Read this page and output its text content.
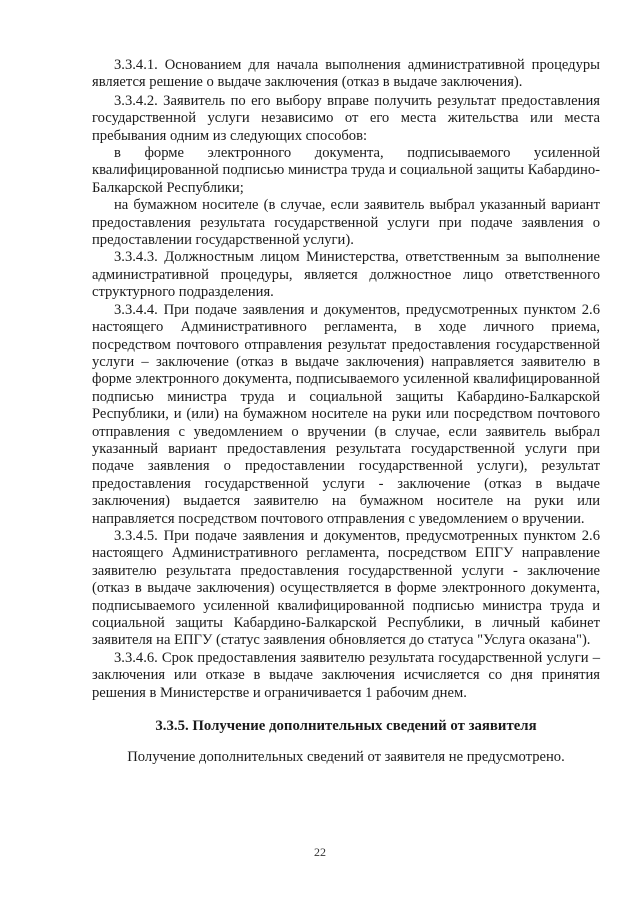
3.3.4.1. Основанием для начала выполнения административной процедуры является решение о выдаче заключения (отказ в выдаче заключения).

3.3.4.2. Заявитель по его выбору вправе получить результат предоставления государственной услуги независимо от его места жительства или места пребывания одним из следующих способов:

в форме электронного документа, подписываемого усиленной квалифицированной подписью министра труда и социальной защиты Кабардино-Балкарской Республики;

на бумажном носителе (в случае, если заявитель выбрал указанный вариант предоставления результата государственной услуги при подаче заявления о предоставлении государственной услуги).

3.3.4.3. Должностным лицом Министерства, ответственным за выполнение административной процедуры, является должностное лицо ответственного структурного подразделения.

3.3.4.4. При подаче заявления и документов, предусмотренных пунктом 2.6 настоящего Административного регламента, в ходе личного приема, посредством почтового отправления результат предоставления государственной услуги – заключение (отказ в выдаче заключения) направляется заявителю в форме электронного документа, подписываемого усиленной квалифицированной подписью министра труда и социальной защиты Кабардино-Балкарской Республики, и (или) на бумажном носителе на руки или посредством почтового отправления с уведомлением о вручении (в случае, если заявитель выбрал указанный вариант предоставления результата государственной услуги при подаче заявления о предоставлении государственной услуги), результат предоставления государственной услуги - заключение (отказ в выдаче заключения) выдается заявителю на бумажном носителе на руки или направляется посредством почтового отправления с уведомлением о вручении.

3.3.4.5. При подаче заявления и документов, предусмотренных пунктом 2.6 настоящего Административного регламента, посредством ЕПГУ направление заявителю результата предоставления государственной услуги - заключение (отказ в выдаче заключения) осуществляется в форме электронного документа, подписываемого усиленной квалифицированной подписью министра труда и социальной защиты Кабардино-Балкарской Республики, в личный кабинет заявителя на ЕПГУ (статус заявления обновляется до статуса "Услуга оказана").

3.3.4.6. Срок предоставления заявителю результата государственной услуги – заключения или отказе в выдаче заключения исчисляется со дня принятия решения в Министерстве и ограничивается 1 рабочим днем.

3.3.5. Получение дополнительных сведений от заявителя

Получение дополнительных сведений от заявителя не предусмотрено.

22
